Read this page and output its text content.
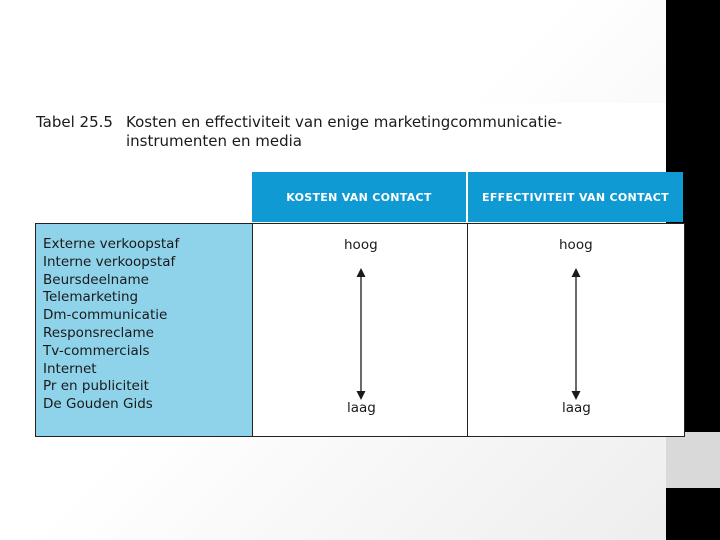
Tabel 25.5 Kosten en effectiviteit van enige marketingcommunicatie-instrumenten en media
KOSTEN VAN CONTACT	EFFECTIVITEIT VAN CONTACT
Externe verkoopstaf
Interne verkoopstaf
Beursdeelname
Telemarketing
Dm-communicatie
Responsreclame
Tv-commercials
Internet
Pr en publiciteit
De Gouden Gids
hoog
laag
hoog
laag
